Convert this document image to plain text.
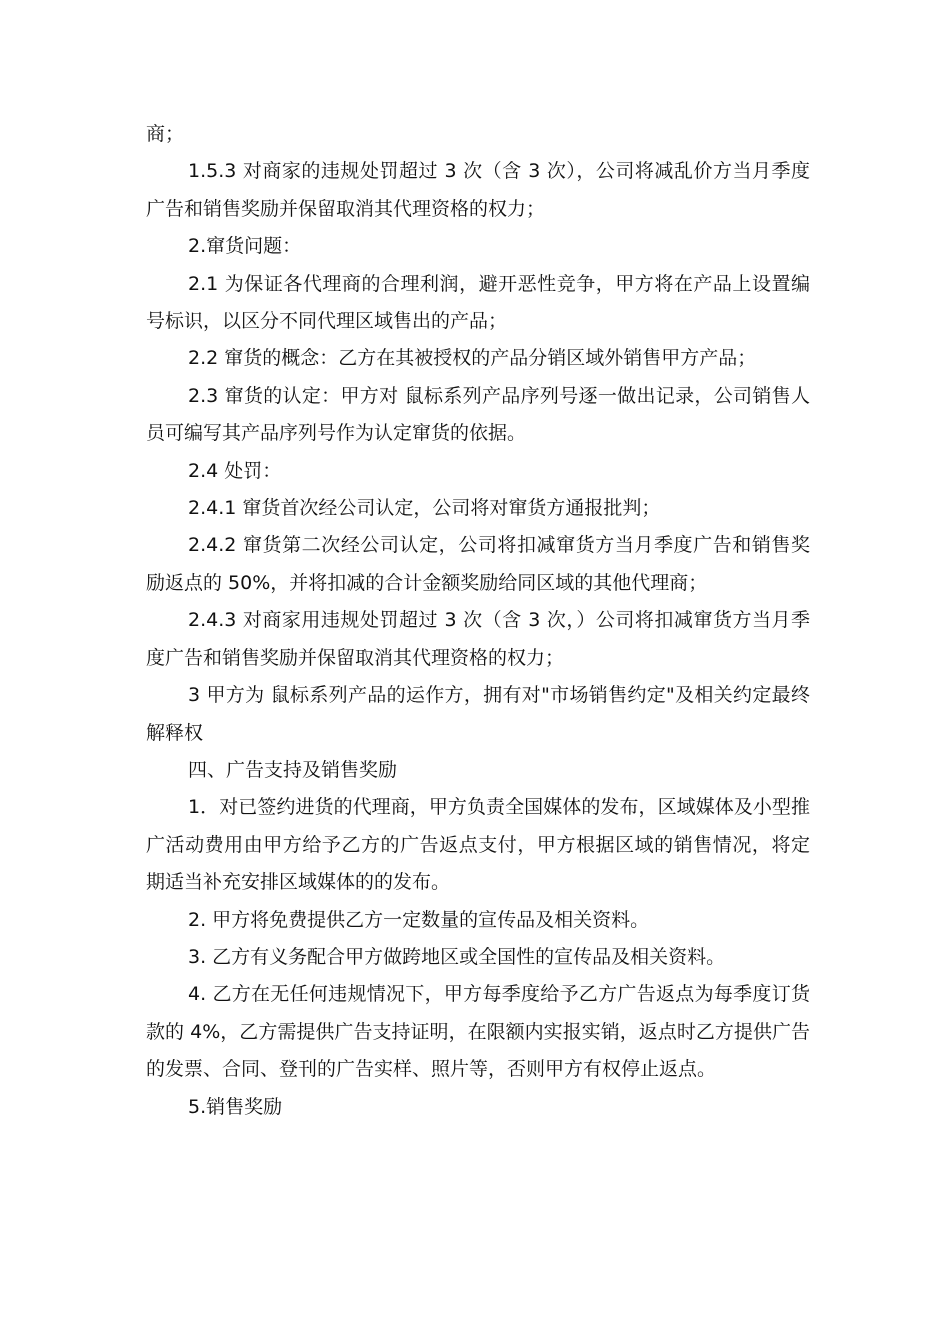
商；

1.5.3 对商家的违规处罚超过 3 次（含 3 次），公司将减乱价方当月季度广告和销售奖励并保留取消其代理资格的权力；

2.窜货问题：

2.1 为保证各代理商的合理利润，避开恶性竞争，甲方将在产品上设置编号标识，以区分不同代理区域售出的产品；

2.2 窜货的概念：乙方在其被授权的产品分销区域外销售甲方产品；

2.3 窜货的认定：甲方对 鼠标系列产品序列号逐一做出记录，公司销售人员可编写其产品序列号作为认定窜货的依据。

2.4 处罚：

2.4.1 窜货首次经公司认定，公司将对窜货方通报批判；

2.4.2 窜货第二次经公司认定，公司将扣减窜货方当月季度广告和销售奖励返点的 50%，并将扣减的合计金额奖励给同区域的其他代理商；

2.4.3 对商家用违规处罚超过 3 次（含 3 次，）公司将扣减窜货方当月季度广告和销售奖励并保留取消其代理资格的权力；

3 甲方为 鼠标系列产品的运作方，拥有对"市场销售约定"及相关约定最终解释权

四、广告支持及销售奖励

1．对已签约进货的代理商，甲方负责全国媒体的发布，区域媒体及小型推广活动费用由甲方给予乙方的广告返点支付，甲方根据区域的销售情况，将定期适当补充安排区域媒体的的发布。

2. 甲方将免费提供乙方一定数量的宣传品及相关资料。

3. 乙方有义务配合甲方做跨地区或全国性的宣传品及相关资料。

4. 乙方在无任何违规情况下，甲方每季度给予乙方广告返点为每季度订货款的 4%，乙方需提供广告支持证明，在限额内实报实销，返点时乙方提供广告的发票、合同、登刊的广告实样、照片等，否则甲方有权停止返点。

5.销售奖励
